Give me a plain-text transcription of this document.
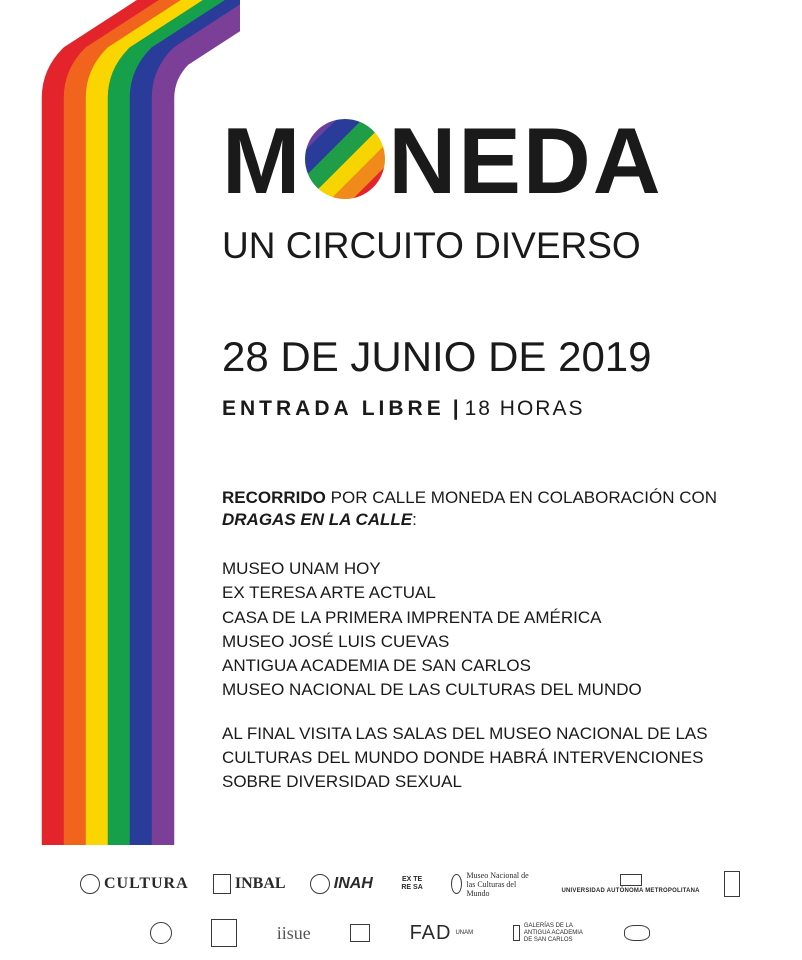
M NEDA
UN CIRCUITO DIVERSO
28 DE JUNIO DE 2019
ENTRADA LIBRE | 18 HORAS
RECORRIDO POR CALLE MONEDA EN COLABORACIÓN CON DRAGAS EN LA CALLE:
MUSEO UNAM HOY
EX TERESA ARTE ACTUAL
CASA DE LA PRIMERA IMPRENTA DE AMÉRICA
MUSEO JOSÉ LUIS CUEVAS
ANTIGUA ACADEMIA DE SAN CARLOS
MUSEO NACIONAL DE LAS CULTURAS DEL MUNDO

AL FINAL VISITA LAS SALAS DEL MUSEO NACIONAL DE LAS CULTURAS DEL MUNDO DONDE HABRÁ INTERVENCIONES SOBRE DIVERSIDAD SEXUAL

CULTURA	INBAL	INAH	EX TE RE SA
Museo Nacional de las Culturas del Mundo	UNIVERSIDAD AUTÓNOMA METROPOLITANA
iisue	FAD UNAM
GALERÍAS DE LA ANTIGUA ACADEMIA DE SAN CARLOS
